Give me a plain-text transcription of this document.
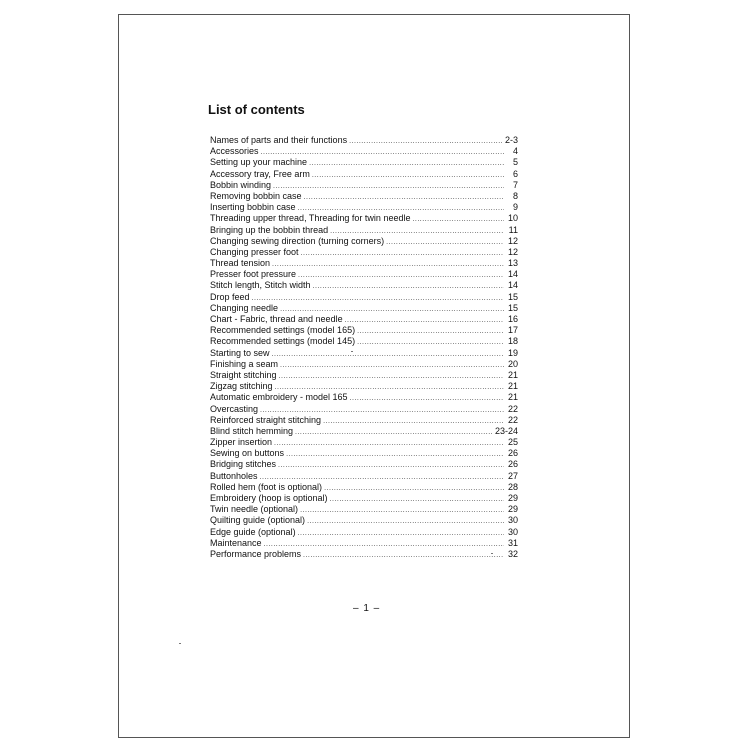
List of contents
Names of parts and their functions .....	2-3
Accessories .....	4
Setting up your machine .....	5
Accessory tray, Free arm .....	6
Bobbin winding .....	7
Removing bobbin case .....	8
Inserting bobbin case .....	9
Threading upper thread, Threading for twin needle .....	10
Bringing up the bobbin thread .....	11
Changing sewing direction (turning corners) .....	12
Changing presser foot .....	12
Thread tension .....	13
Presser foot pressure .....	14
Stitch length, Stitch width .....	14
Drop feed .....	15
Changing needle .....	15
Chart - Fabric, thread and needle .....	16
Recommended settings (model 165) .....	17
Recommended settings (model 145) .....	18
Starting to sew .....	19
Finishing a seam .....	20
Straight stitching .....	21
Zigzag stitching .....	21
Automatic embroidery - model 165 .....	21
Overcasting .....	22
Reinforced straight stitching .....	22
Blind stitch hemming .....	23-24
Zipper insertion .....	25
Sewing on buttons .....	26
Bridging stitches .....	26
Buttonholes .....	27
Rolled hem (foot is optional) .....	28
Embroidery (hoop is optional) .....	29
Twin needle (optional) .....	29
Quilting guide (optional) .....	30
Edge guide (optional) .....	30
Maintenance .....	31
Performance problems .....	32
– 1 –
